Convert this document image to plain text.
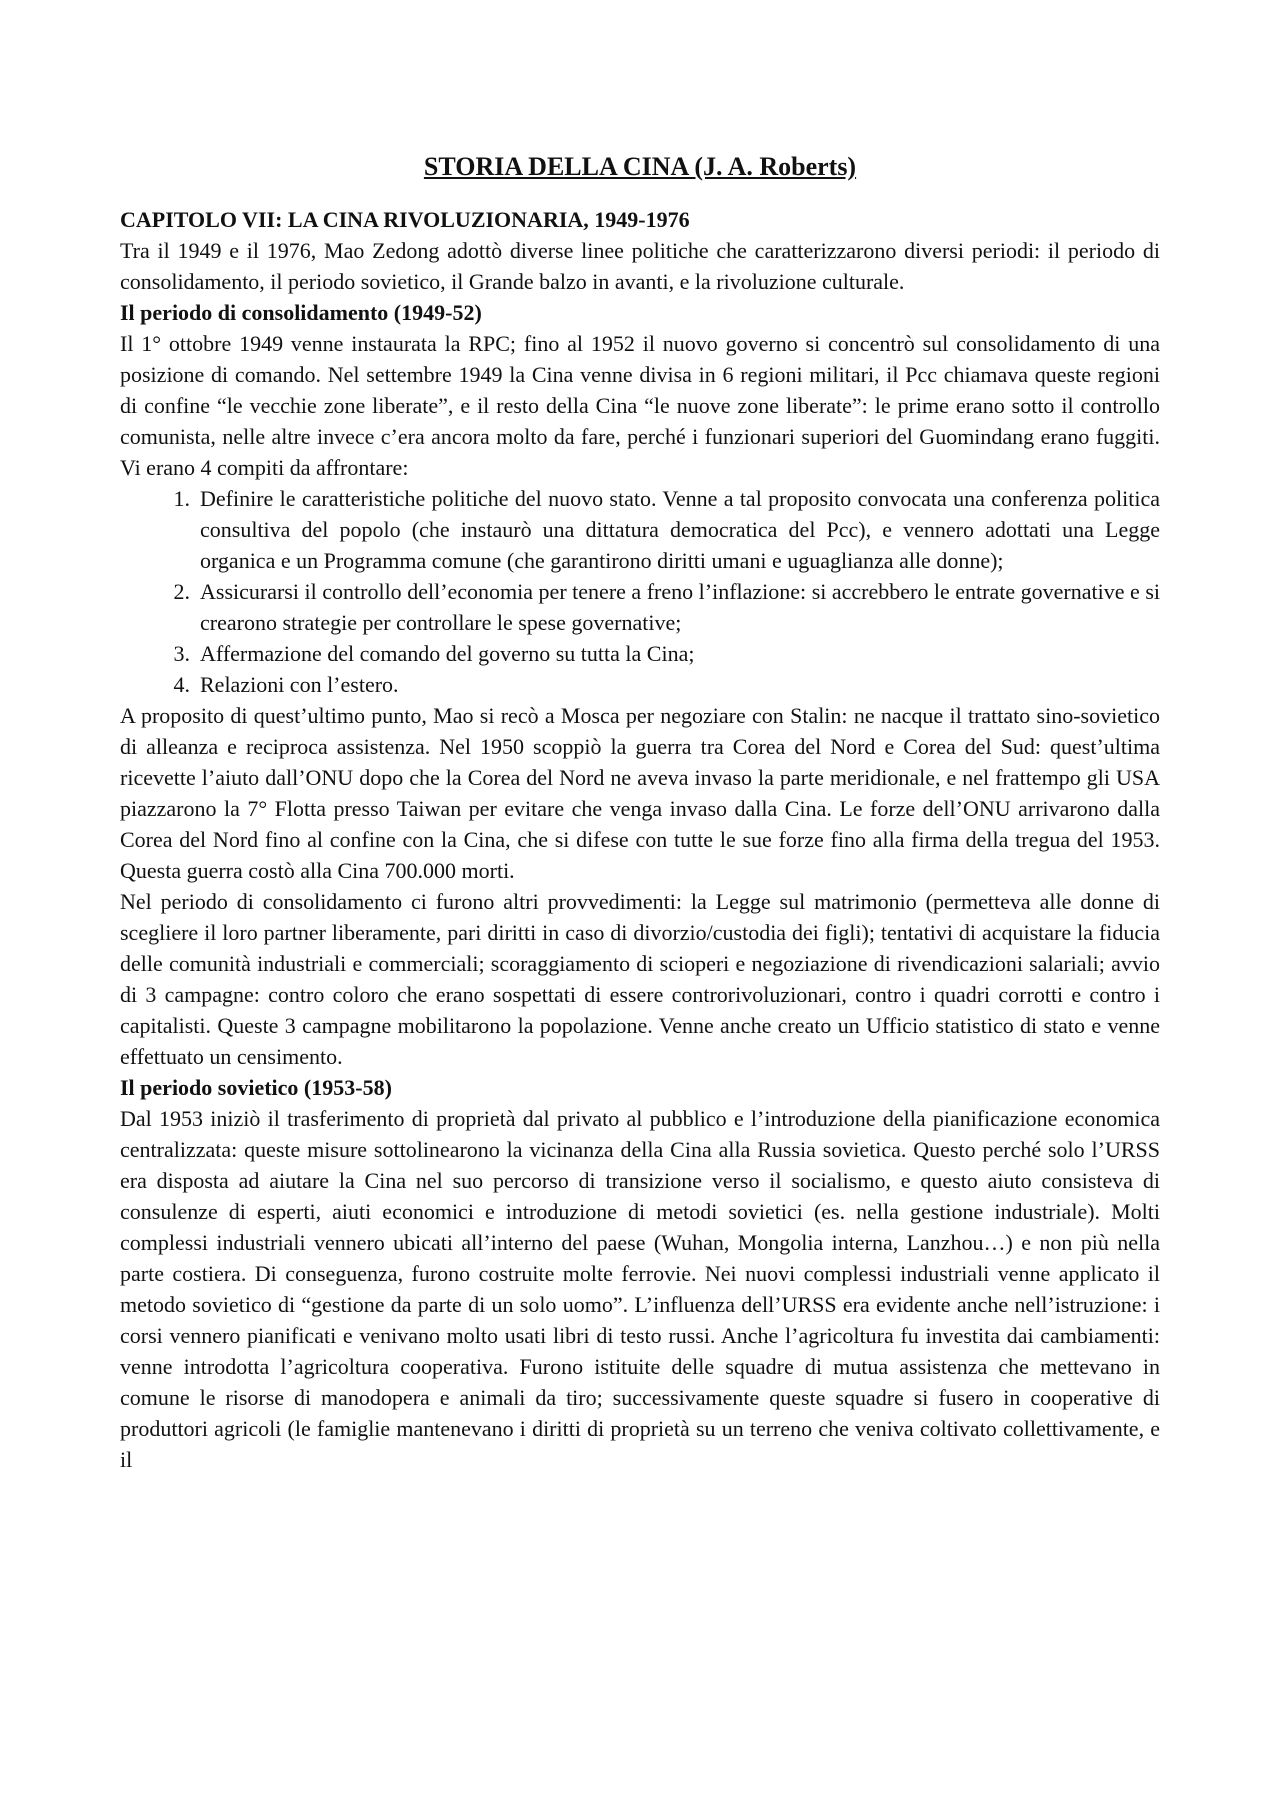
STORIA DELLA CINA (J. A. Roberts)
CAPITOLO VII: LA CINA RIVOLUZIONARIA, 1949-1976

Tra il 1949 e il 1976, Mao Zedong adottò diverse linee politiche che caratterizzarono diversi periodi: il periodo di consolidamento, il periodo sovietico, il Grande balzo in avanti, e la rivoluzione culturale.

Il periodo di consolidamento (1949-52)

Il 1° ottobre 1949 venne instaurata la RPC; fino al 1952 il nuovo governo si concentrò sul consolidamento di una posizione di comando. Nel settembre 1949 la Cina venne divisa in 6 regioni militari, il Pcc chiamava queste regioni di confine “le vecchie zone liberate”, e il resto della Cina “le nuove zone liberate”: le prime erano sotto il controllo comunista, nelle altre invece c’era ancora molto da fare, perché i funzionari superiori del Guomindang erano fuggiti. Vi erano 4 compiti da affrontare:

1. Definire le caratteristiche politiche del nuovo stato. Venne a tal proposito convocata una conferenza politica consultiva del popolo (che instaurò una dittatura democratica del Pcc), e vennero adottati una Legge organica e un Programma comune (che garantirono diritti umani e uguaglianza alle donne);
2. Assicurarsi il controllo dell’economia per tenere a freno l’inflazione: si accrebbero le entrate governative e si crearono strategie per controllare le spese governative;
3. Affermazione del comando del governo su tutta la Cina;
4. Relazioni con l’estero.

A proposito di quest’ultimo punto, Mao si recò a Mosca per negoziare con Stalin: ne nacque il trattato sino-sovietico di alleanza e reciproca assistenza. Nel 1950 scoppiò la guerra tra Corea del Nord e Corea del Sud: quest’ultima ricevette l’aiuto dall’ONU dopo che la Corea del Nord ne aveva invaso la parte meridionale, e nel frattempo gli USA piazzarono la 7° Flotta presso Taiwan per evitare che venga invaso dalla Cina. Le forze dell’ONU arrivarono dalla Corea del Nord fino al confine con la Cina, che si difese con tutte le sue forze fino alla firma della tregua del 1953. Questa guerra costò alla Cina 700.000 morti.

Nel periodo di consolidamento ci furono altri provvedimenti: la Legge sul matrimonio (permetteva alle donne di scegliere il loro partner liberamente, pari diritti in caso di divorzio/custodia dei figli); tentativi di acquistare la fiducia delle comunità industriali e commerciali; scoraggiamento di scioperi e negoziazione di rivendicazioni salariali; avvio di 3 campagne: contro coloro che erano sospettati di essere controrivoluzionari, contro i quadri corrotti e contro i capitalisti. Queste 3 campagne mobilitarono la popolazione. Venne anche creato un Ufficio statistico di stato e venne effettuato un censimento.

Il periodo sovietico (1953-58)

Dal 1953 iniziò il trasferimento di proprietà dal privato al pubblico e l’introduzione della pianificazione economica centralizzata: queste misure sottolinearono la vicinanza della Cina alla Russia sovietica. Questo perché solo l’URSS era disposta ad aiutare la Cina nel suo percorso di transizione verso il socialismo, e questo aiuto consisteva di consulenze di esperti, aiuti economici e introduzione di metodi sovietici (es. nella gestione industriale). Molti complessi industriali vennero ubicati all’interno del paese (Wuhan, Mongolia interna, Lanzhou…) e non più nella parte costiera. Di conseguenza, furono costruite molte ferrovie. Nei nuovi complessi industriali venne applicato il metodo sovietico di “gestione da parte di un solo uomo”. L’influenza dell’URSS era evidente anche nell’istruzione: i corsi vennero pianificati e venivano molto usati libri di testo russi. Anche l’agricoltura fu investita dai cambiamenti: venne introdotta l’agricoltura cooperativa. Furono istituite delle squadre di mutua assistenza che mettevano in comune le risorse di manodopera e animali da tiro; successivamente queste squadre si fusero in cooperative di produttori agricoli (le famiglie mantenevano i diritti di proprietà su un terreno che veniva coltivato collettivamente, e il
